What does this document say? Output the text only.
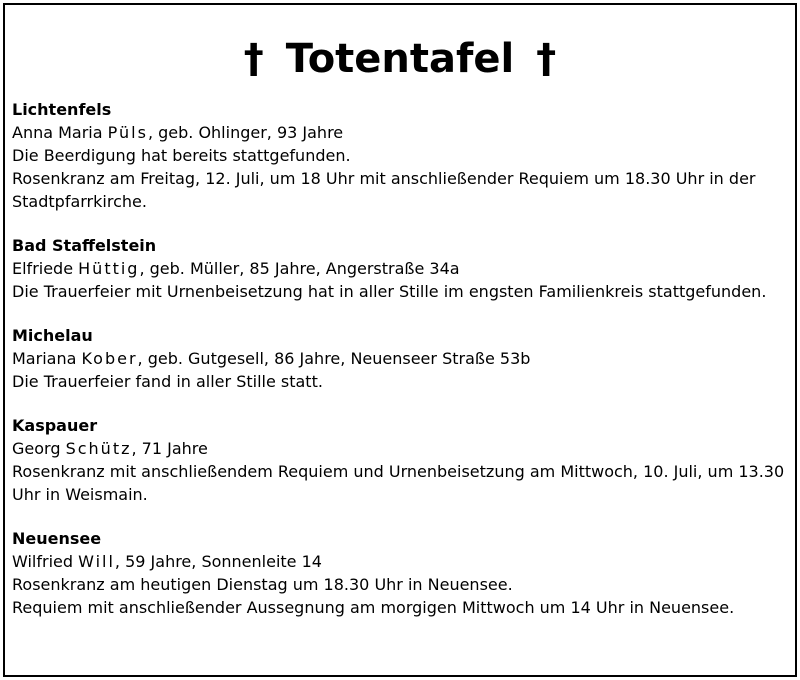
† Totentafel †
Lichtenfels
Anna Maria Püls, geb. Ohlinger, 93 Jahre
Die Beerdigung hat bereits stattgefunden.
Rosenkranz am Freitag, 12. Juli, um 18 Uhr mit anschließender Requiem um 18.30 Uhr in der Stadtpfarrkirche.
Bad Staffelstein
Elfriede Hüttig, geb. Müller, 85 Jahre, Angerstraße 34a
Die Trauerfeier mit Urnenbeisetzung hat in aller Stille im engsten Familienkreis stattgefunden.
Michelau
Mariana Kober, geb. Gutgesell, 86 Jahre, Neuenseer Straße 53b
Die Trauerfeier fand in aller Stille statt.
Kaspauer
Georg Schütz, 71 Jahre
Rosenkranz mit anschließendem Requiem und Urnenbeisetzung am Mittwoch, 10. Juli, um 13.30 Uhr in Weismain.
Neuensee
Wilfried Will, 59 Jahre, Sonnenleite 14
Rosenkranz am heutigen Dienstag um 18.30 Uhr in Neuensee.
Requiem mit anschließender Aussegnung am morgigen Mittwoch um 14 Uhr in Neuensee.
